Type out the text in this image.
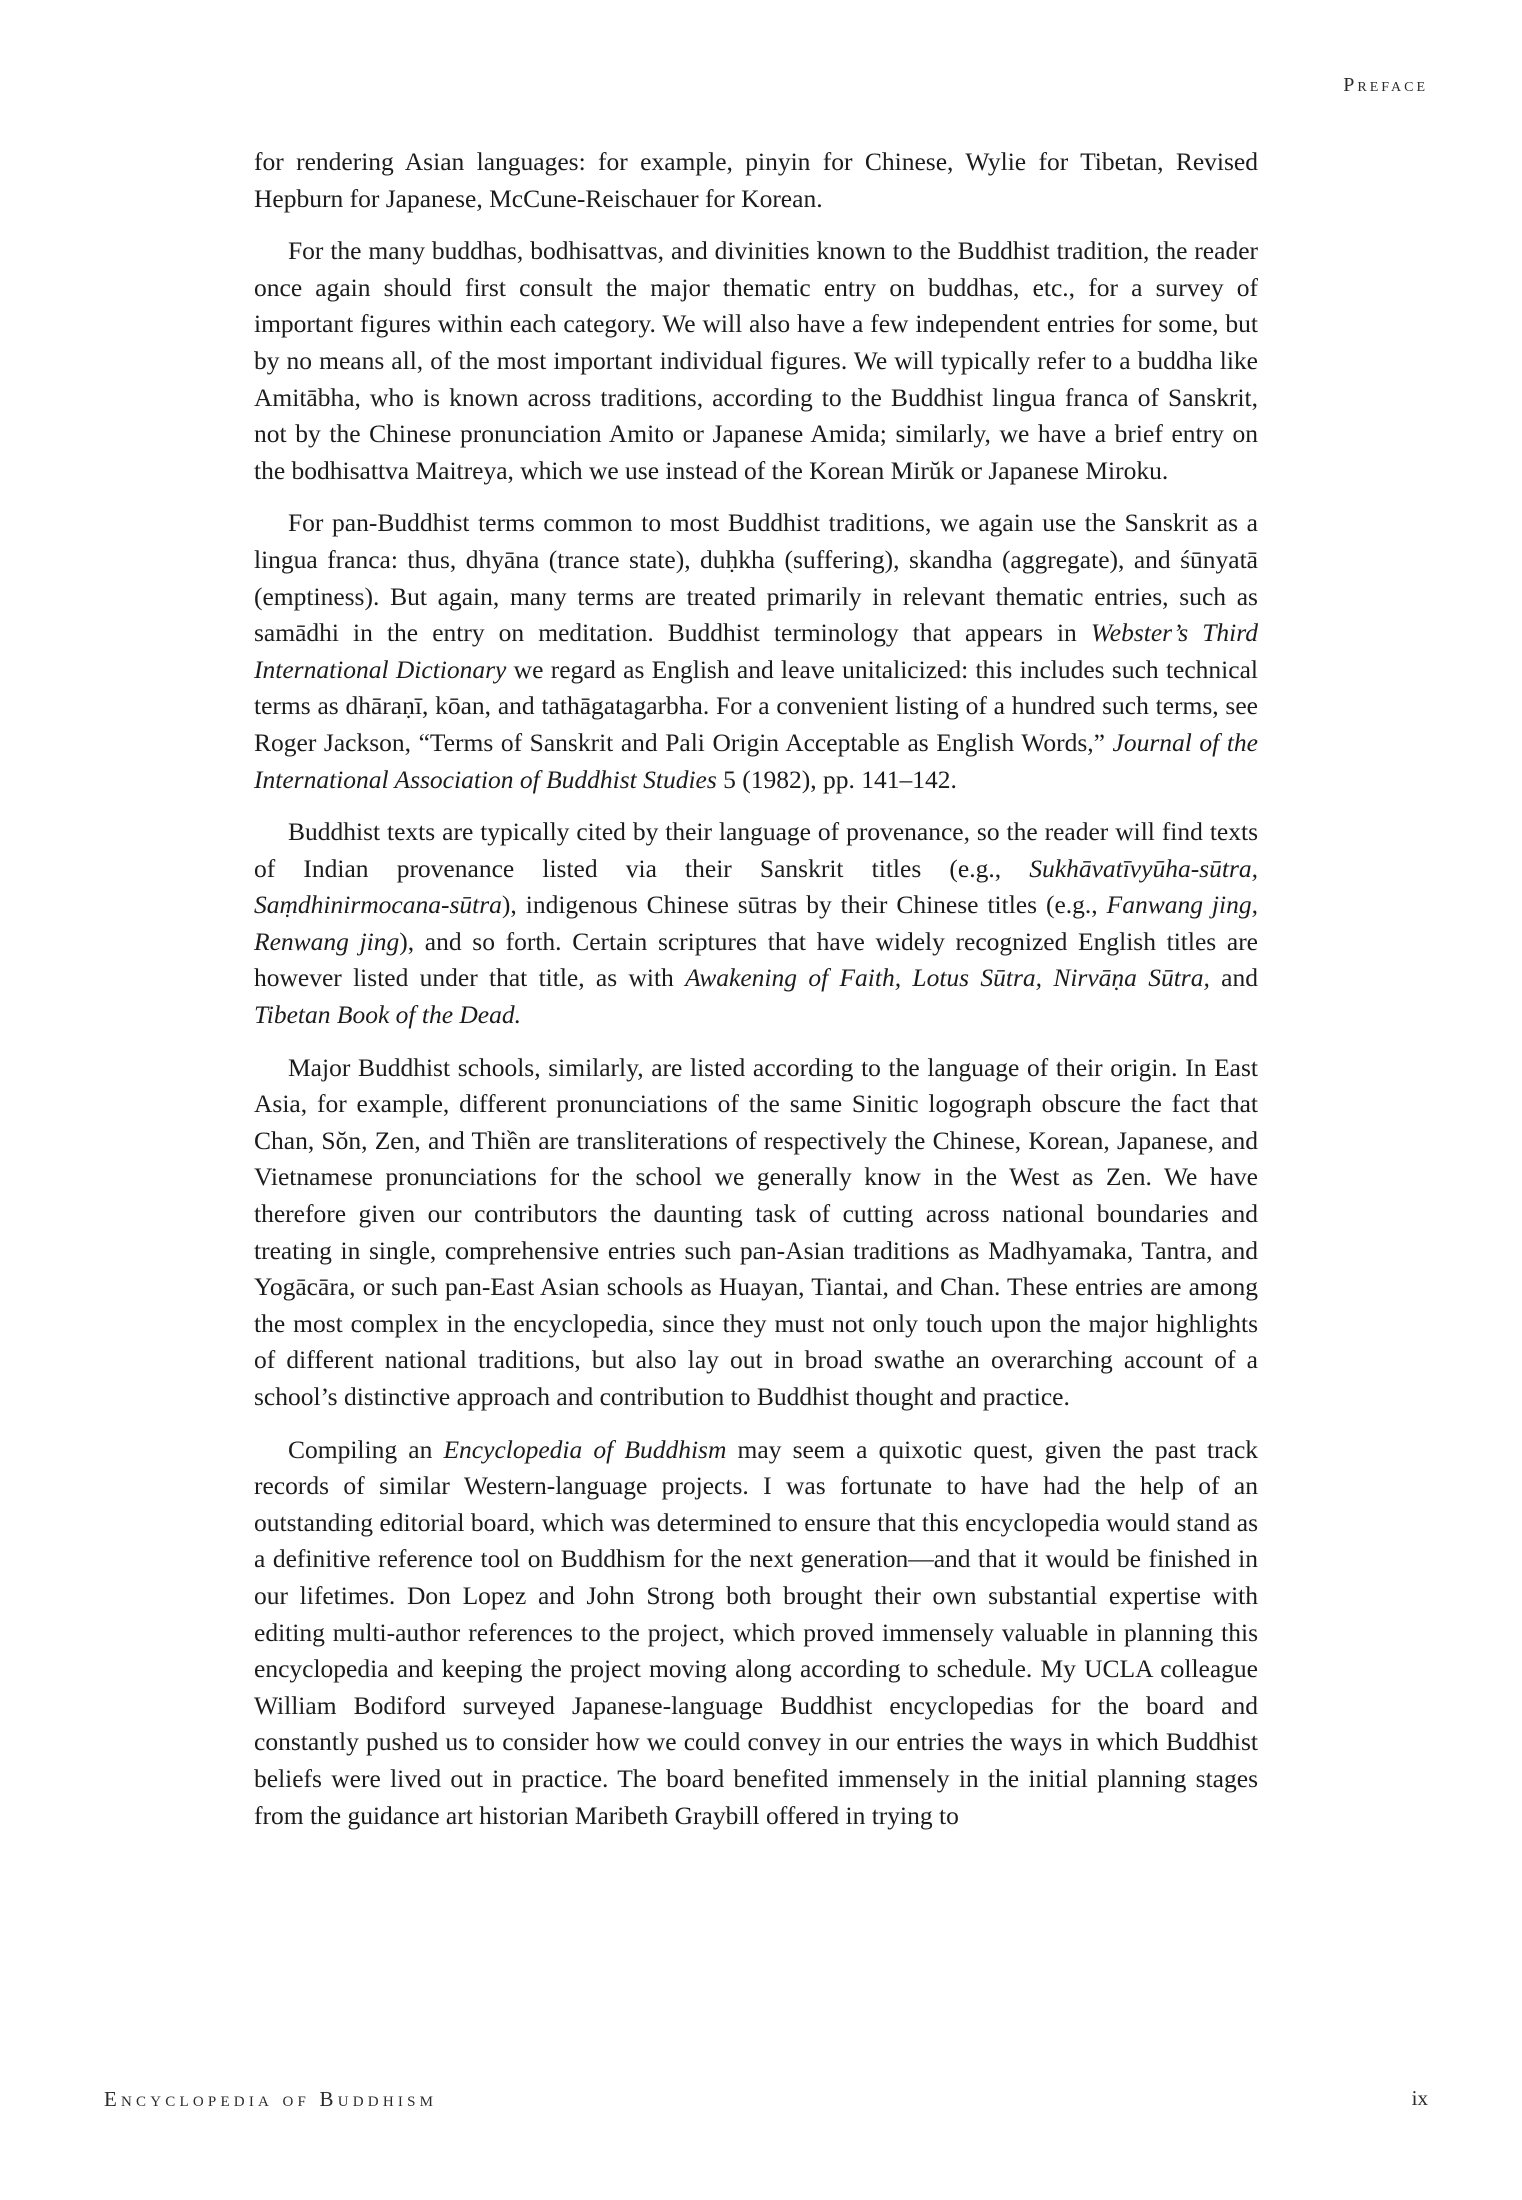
Preface

for rendering Asian languages: for example, pinyin for Chinese, Wylie for Tibetan, Revised Hepburn for Japanese, McCune-Reischauer for Korean.

For the many buddhas, bodhisattvas, and divinities known to the Buddhist tradition, the reader once again should first consult the major thematic entry on buddhas, etc., for a survey of important figures within each category. We will also have a few independent entries for some, but by no means all, of the most important individual figures. We will typically refer to a buddha like Amitābha, who is known across traditions, according to the Buddhist lingua franca of Sanskrit, not by the Chinese pronunciation Amito or Japanese Amida; similarly, we have a brief entry on the bodhisattva Maitreya, which we use instead of the Korean Mirŭk or Japanese Miroku.

For pan-Buddhist terms common to most Buddhist traditions, we again use the Sanskrit as a lingua franca: thus, dhyāna (trance state), duḥkha (suffering), skandha (aggregate), and śūnyatā (emptiness). But again, many terms are treated primarily in relevant thematic entries, such as samādhi in the entry on meditation. Buddhist terminology that appears in Webster’s Third International Dictionary we regard as English and leave unitalicized: this includes such technical terms as dhāraṇī, kōan, and tathāgatagarbha. For a convenient listing of a hundred such terms, see Roger Jackson, “Terms of Sanskrit and Pali Origin Acceptable as English Words,” Journal of the International Association of Buddhist Studies 5 (1982), pp. 141–142.

Buddhist texts are typically cited by their language of provenance, so the reader will find texts of Indian provenance listed via their Sanskrit titles (e.g., Sukhāvatīvyūha-sūtra, Saṃdhinirmocana-sūtra), indigenous Chinese sūtras by their Chinese titles (e.g., Fanwang jing, Renwang jing), and so forth. Certain scriptures that have widely recognized English titles are however listed under that title, as with Awakening of Faith, Lotus Sūtra, Nirvāṇa Sūtra, and Tibetan Book of the Dead.

Major Buddhist schools, similarly, are listed according to the language of their origin. In East Asia, for example, different pronunciations of the same Sinitic logograph obscure the fact that Chan, Sŏn, Zen, and Thiền are transliterations of respectively the Chinese, Korean, Japanese, and Vietnamese pronunciations for the school we generally know in the West as Zen. We have therefore given our contributors the daunting task of cutting across national boundaries and treating in single, comprehensive entries such pan-Asian traditions as Madhyamaka, Tantra, and Yogācāra, or such pan-East Asian schools as Huayan, Tiantai, and Chan. These entries are among the most complex in the encyclopedia, since they must not only touch upon the major highlights of different national traditions, but also lay out in broad swathe an overarching account of a school’s distinctive approach and contribution to Buddhist thought and practice.

Compiling an Encyclopedia of Buddhism may seem a quixotic quest, given the past track records of similar Western-language projects. I was fortunate to have had the help of an outstanding editorial board, which was determined to ensure that this encyclopedia would stand as a definitive reference tool on Buddhism for the next generation—and that it would be finished in our lifetimes. Don Lopez and John Strong both brought their own substantial expertise with editing multi-author references to the project, which proved immensely valuable in planning this encyclopedia and keeping the project moving along according to schedule. My UCLA colleague William Bodiford surveyed Japanese-language Buddhist encyclopedias for the board and constantly pushed us to consider how we could convey in our entries the ways in which Buddhist beliefs were lived out in practice. The board benefited immensely in the initial planning stages from the guidance art historian Maribeth Graybill offered in trying to

Encyclopedia of Buddhism	ix
